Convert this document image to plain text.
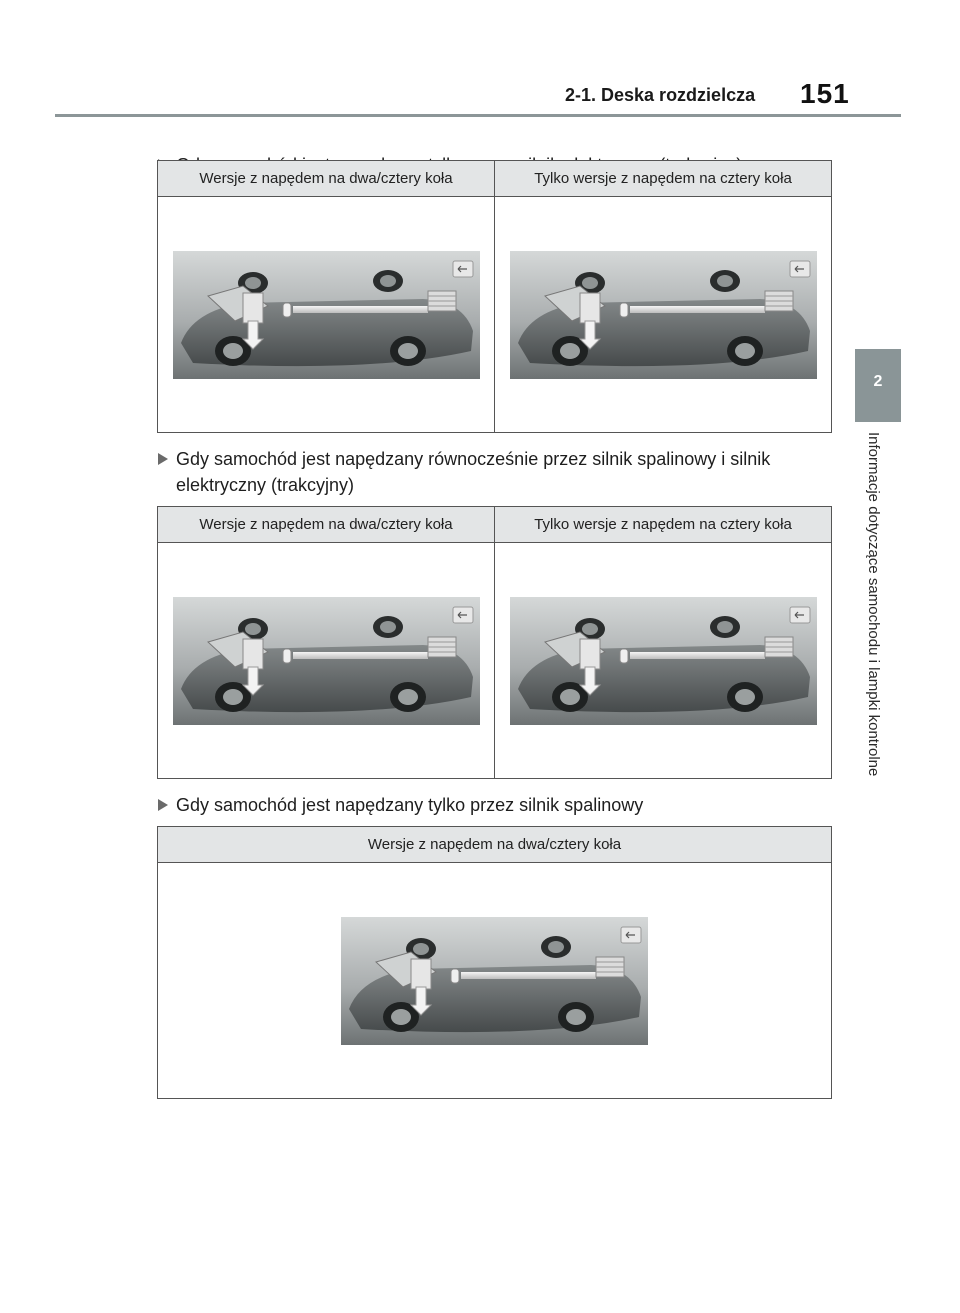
2-1. Deska rozdzielcza 151
2
Informacje dotyczące samochodu i lampki kontrolne
Wersje z napędem na dwa/cztery koła	Tylko wersje z napędem na cztery koła
Gdy samochód jest napędzany równocześnie przez silnik spalinowy i silnik elektryczny (trakcyjny)
Wersje z napędem na dwa/cztery koła	Tylko wersje z napędem na cztery koła
Gdy samochód jest napędzany tylko przez silnik spalinowy
Wersje z napędem na dwa/cztery koła
